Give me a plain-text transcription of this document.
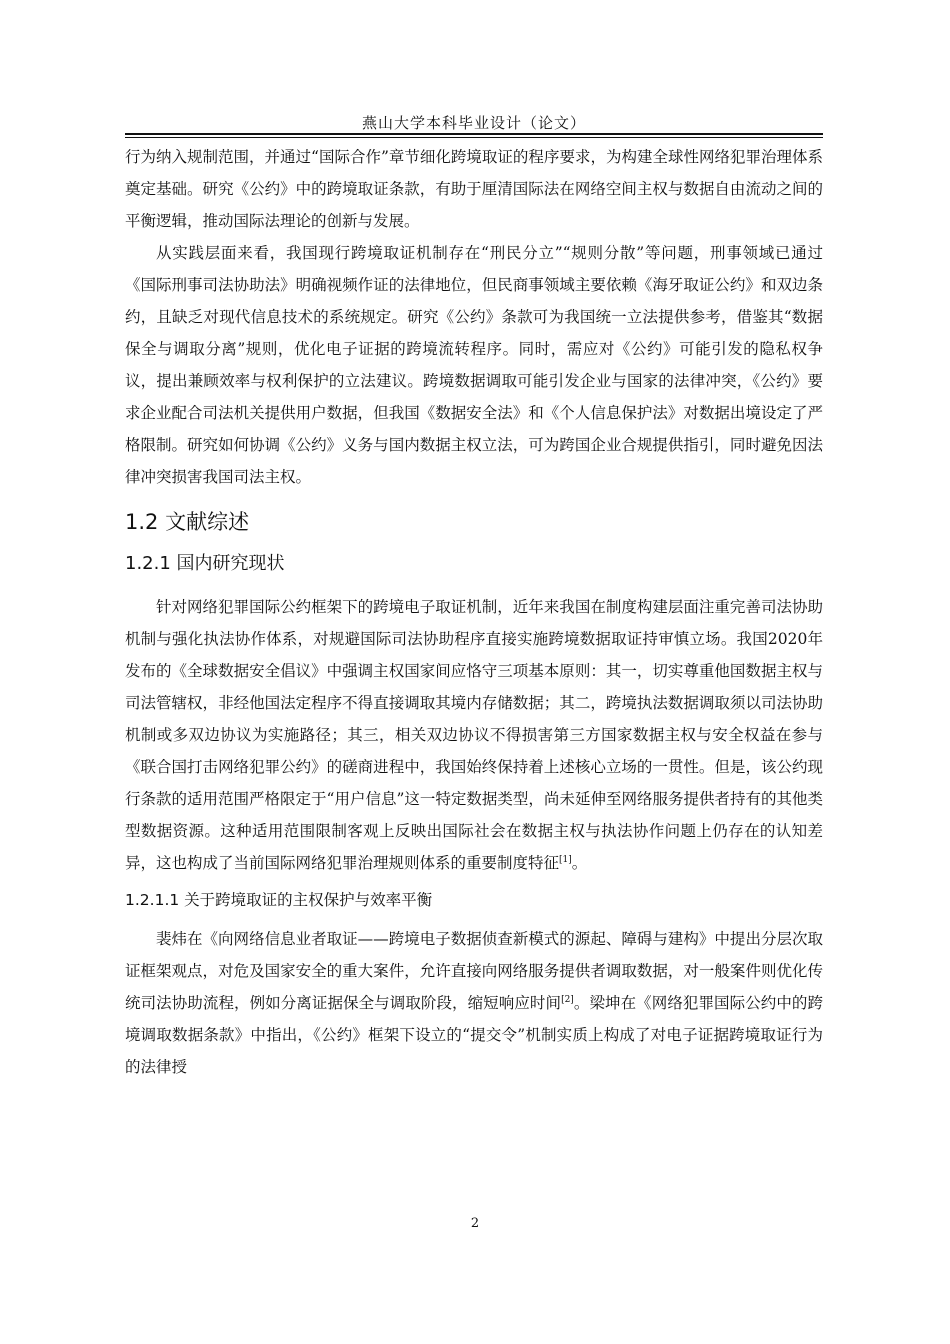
燕山大学本科毕业设计（论文）

行为纳入规制范围，并通过“国际合作”章节细化跨境取证的程序要求，为构建全球性网络犯罪治理体系奠定基础。研究《公约》中的跨境取证条款，有助于厘清国际法在网络空间主权与数据自由流动之间的平衡逻辑，推动国际法理论的创新与发展。

从实践层面来看，我国现行跨境取证机制存在“刑民分立”“规则分散”等问题，刑事领域已通过《国际刑事司法协助法》明确视频作证的法律地位，但民商事领域主要依赖《海牙取证公约》和双边条约，且缺乏对现代信息技术的系统规定。研究《公约》条款可为我国统一立法提供参考，借鉴其“数据保全与调取分离”规则，优化电子证据的跨境流转程序。同时，需应对《公约》可能引发的隐私权争议，提出兼顾效率与权利保护的立法建议。跨境数据调取可能引发企业与国家的法律冲突，《公约》要求企业配合司法机关提供用户数据，但我国《数据安全法》和《个人信息保护法》对数据出境设定了严格限制。研究如何协调《公约》义务与国内数据主权立法，可为跨国企业合规提供指引，同时避免因法律冲突损害我国司法主权。

1.2 文献综述
1.2.1 国内研究现状

针对网络犯罪国际公约框架下的跨境电子取证机制，近年来我国在制度构建层面注重完善司法协助机制与强化执法协作体系，对规避国际司法协助程序直接实施跨境数据取证持审慎立场。我国2020年发布的《全球数据安全倡议》中强调主权国家间应恪守三项基本原则：其一，切实尊重他国数据主权与司法管辖权，非经他国法定程序不得直接调取其境内存储数据；其二，跨境执法数据调取须以司法协助机制或多双边协议为实施路径；其三，相关双边协议不得损害第三方国家数据主权与安全权益在参与《联合国打击网络犯罪公约》的磋商进程中，我国始终保持着上述核心立场的一贯性。但是，该公约现行条款的适用范围严格限定于“用户信息”这一特定数据类型，尚未延伸至网络服务提供者持有的其他类型数据资源。这种适用范围限制客观上反映出国际社会在数据主权与执法协作问题上仍存在的认知差异，这也构成了当前国际网络犯罪治理规则体系的重要制度特征[1]。

1.2.1.1 关于跨境取证的主权保护与效率平衡

裴炜在《向网络信息业者取证——跨境电子数据侦查新模式的源起、障碍与建构》中提出分层次取证框架观点，对危及国家安全的重大案件，允许直接向网络服务提供者调取数据，对一般案件则优化传统司法协助流程，例如分离证据保全与调取阶段，缩短响应时间[2]。梁坤在《网络犯罪国际公约中的跨境调取数据条款》中指出，《公约》框架下设立的“提交令”机制实质上构成了对电子证据跨境取证行为的法律授

2
